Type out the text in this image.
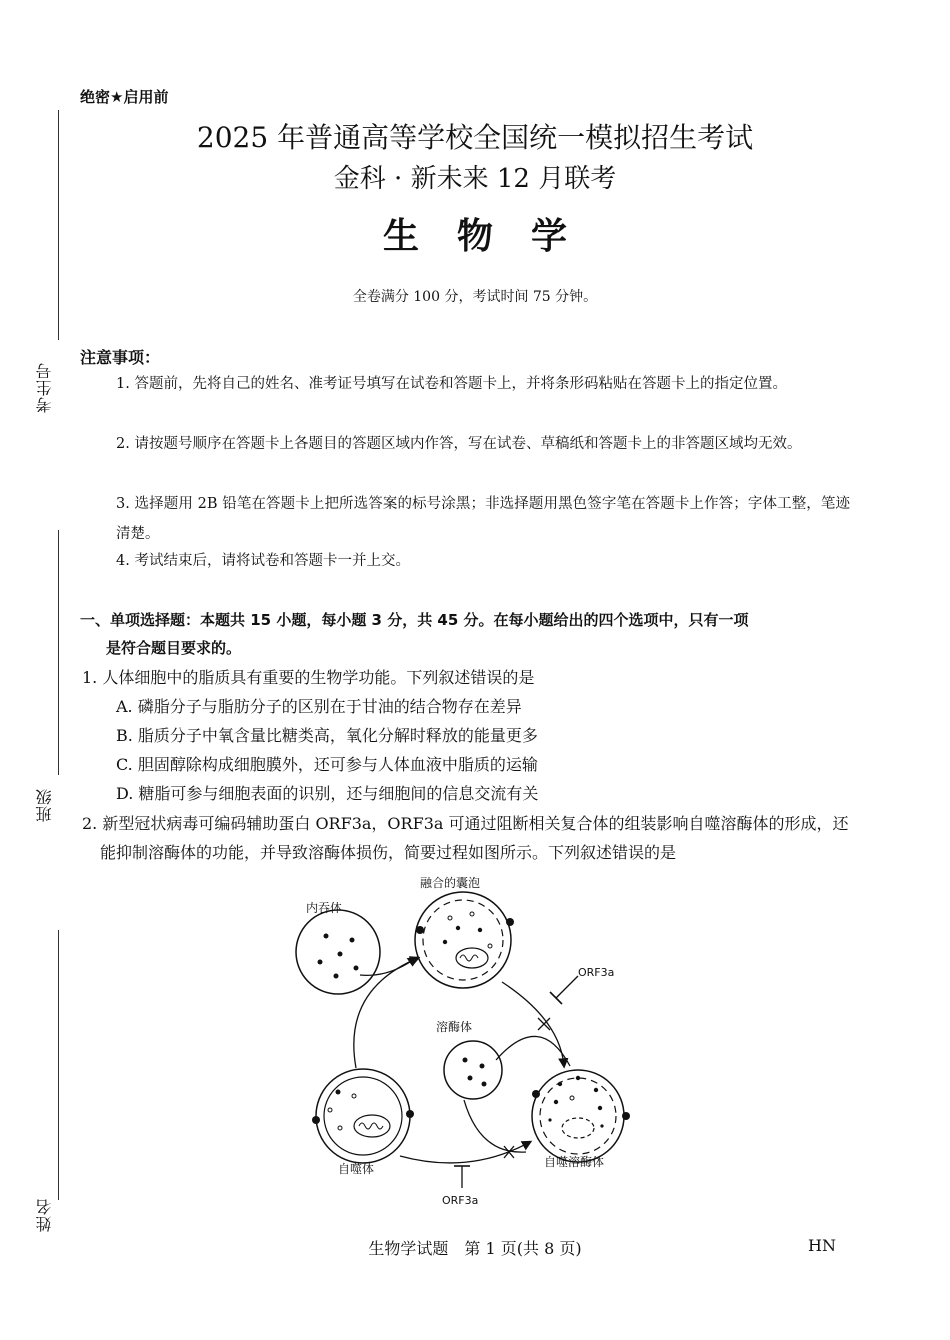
考生号
班级
姓名
绝密★启用前
2025 年普通高等学校全国统一模拟招生考试
金科 · 新未来 12 月联考
生物学
全卷满分 100 分，考试时间 75 分钟。
注意事项：
1. 答题前，先将自己的姓名、准考证号填写在试卷和答题卡上，并将条形码粘贴在答题卡上的指定位置。
2. 请按题号顺序在答题卡上各题目的答题区域内作答，写在试卷、草稿纸和答题卡上的非答题区域均无效。
3. 选择题用 2B 铅笔在答题卡上把所选答案的标号涂黑；非选择题用黑色签字笔在答题卡上作答；字体工整，笔迹清楚。
4. 考试结束后，请将试卷和答题卡一并上交。
一、单项选择题：本题共 15 小题，每小题 3 分，共 45 分。在每小题给出的四个选项中，只有一项
是符合题目要求的。
1. 人体细胞中的脂质具有重要的生物学功能。下列叙述错误的是
A. 磷脂分子与脂肪分子的区别在于甘油的结合物存在差异
B. 脂质分子中氧含量比糖类高，氧化分解时释放的能量更多
C. 胆固醇除构成细胞膜外，还可参与人体血液中脂质的运输
D. 糖脂可参与细胞表面的识别，还与细胞间的信息交流有关
2. 新型冠状病毒可编码辅助蛋白 ORF3a，ORF3a 可通过阻断相关复合体的组装影响自噬溶酶体的形成，还能抑制溶酶体的功能，并导致溶酶体损伤，简要过程如图所示。下列叙述错误的是
内吞体
融合的囊泡
溶酶体
自噬体	自噬溶酶体
ORF3a
ORF3a
生物学试题　第 1 页(共 8 页)	HN
